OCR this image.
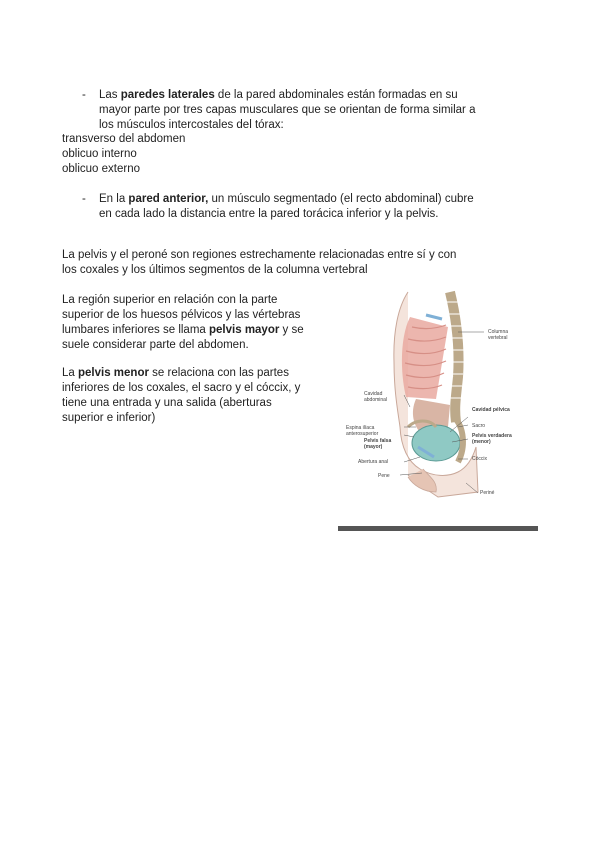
- Las paredes laterales de la pared abdominales están formadas en su mayor parte por tres capas musculares que se orientan de forma similar a los músculos intercostales del tórax:
transverso del abdomen
oblicuo interno
oblicuo externo
- En la pared anterior, un músculo segmentado (el recto abdominal) cubre en cada lado la distancia entre la pared torácica inferior y la pelvis.
La pelvis y el peroné son regiones estrechamente relacionadas entre sí y con los coxales y los últimos segmentos de la columna vertebral
La región superior en relación con la parte superior de los huesos pélvicos y las vértebras lumbares inferiores se llama pelvis mayor y se suele considerar parte del abdomen.
La pelvis menor se relaciona con las partes inferiores de los coxales, el sacro y el cóccix, y tiene una entrada y una salida (aberturas superior e inferior)
Columna vertebral
Cavidad abdominal
Cavidad pélvica
Sacro
Espina ilíaca anterosuperior
Pelvis falsa (mayor)
Pelvis verdadera (menor)
Cóccix
Abertura anal
Pene
Periné
